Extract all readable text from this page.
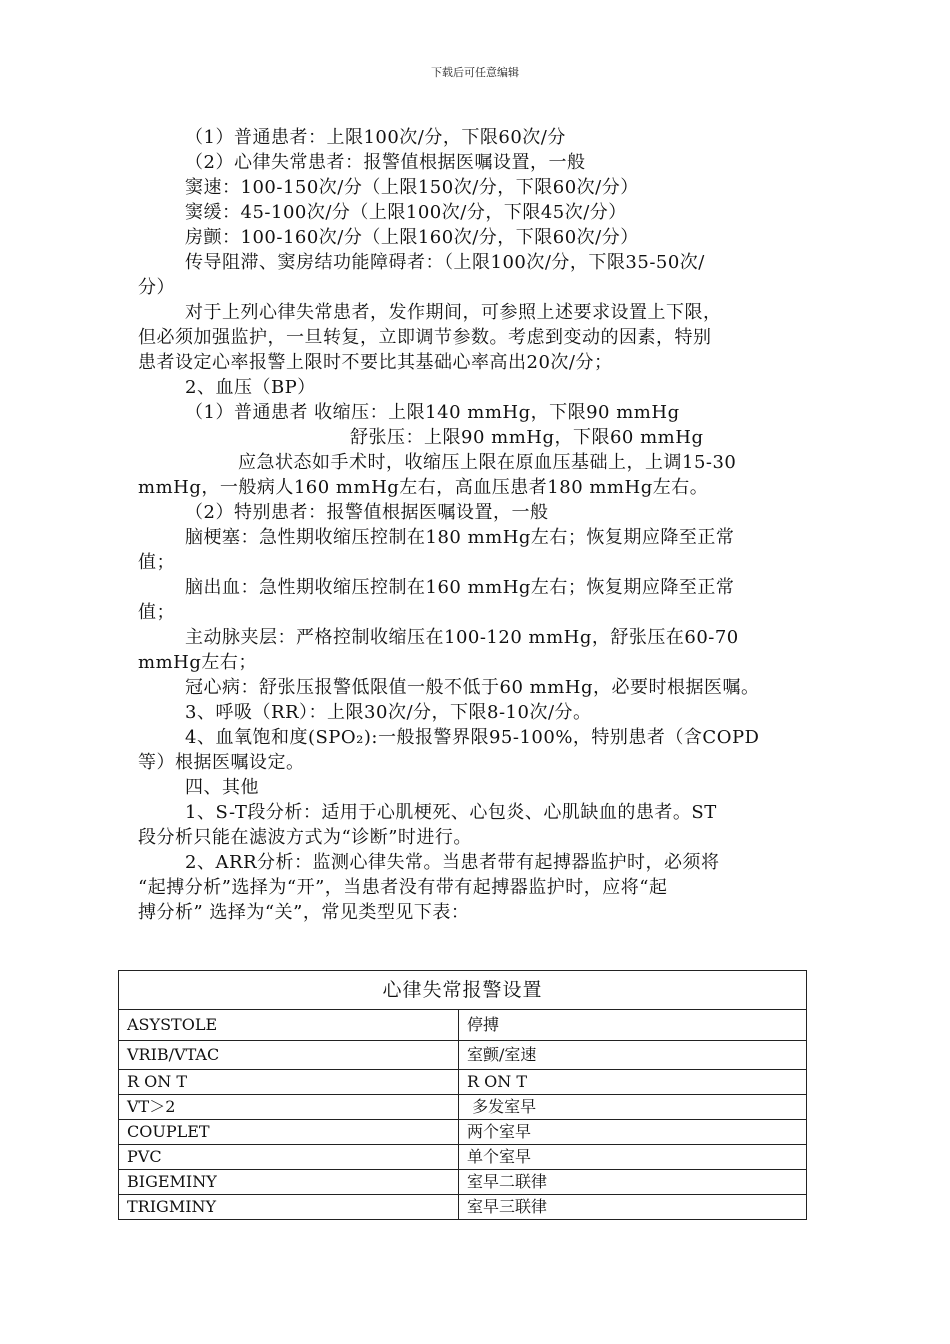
下载后可任意编辑
（1）普通患者：上限100次/分，下限60次/分
（2）心律失常患者：报警值根据医嘱设置，一般
窦速：100-150次/分（上限150次/分，下限60次/分）
窦缓：45-100次/分（上限100次/分，下限45次/分）
房颤：100-160次/分（上限160次/分，下限60次/分）
传导阻滞、窦房结功能障碍者：（上限100次/分，下限35-50次/
分）
对于上列心律失常患者，发作期间，可参照上述要求设置上下限，
但必须加强监护，一旦转复，立即调节参数。考虑到变动的因素，特别
患者设定心率报警上限时不要比其基础心率高出20次/分；
2、血压（BP）
（1）普通患者 收缩压：上限140 mmHg，下限90 mmHg
舒张压：上限90 mmHg，下限60 mmHg
应急状态如手术时，收缩压上限在原血压基础上，上调15-30
mmHg，一般病人160 mmHg左右，高血压患者180 mmHg左右。
（2）特别患者：报警值根据医嘱设置，一般
脑梗塞：急性期收缩压控制在180 mmHg左右；恢复期应降至正常
值；
脑出血：急性期收缩压控制在160 mmHg左右；恢复期应降至正常
值；
主动脉夹层：严格控制收缩压在100-120 mmHg，舒张压在60-70
mmHg左右；
冠心病：舒张压报警低限值一般不低于60 mmHg，必要时根据医嘱。
3、呼吸（RR）：上限30次/分，下限8-10次/分。
4、血氧饱和度(SPO₂):一般报警界限95-100%，特别患者（含COPD
等）根据医嘱设定。
四、其他
1、S-T段分析：适用于心肌梗死、心包炎、心肌缺血的患者。ST
段分析只能在滤波方式为“诊断”时进行。
2、ARR分析：监测心律失常。当患者带有起搏器监护时，必须将
“起搏分析”选择为“开”，当患者没有带有起搏器监护时，应将“起
搏分析” 选择为“关”，常见类型见下表：
心律失常报警设置	
ASYSTOLE	停搏
VRIB/VTAC	室颤/室速
R ON T	R ON T
VT＞2	多发室早
COUPLET	两个室早
PVC	单个室早
BIGEMINY	室早二联律
TRIGMINY	室早三联律
